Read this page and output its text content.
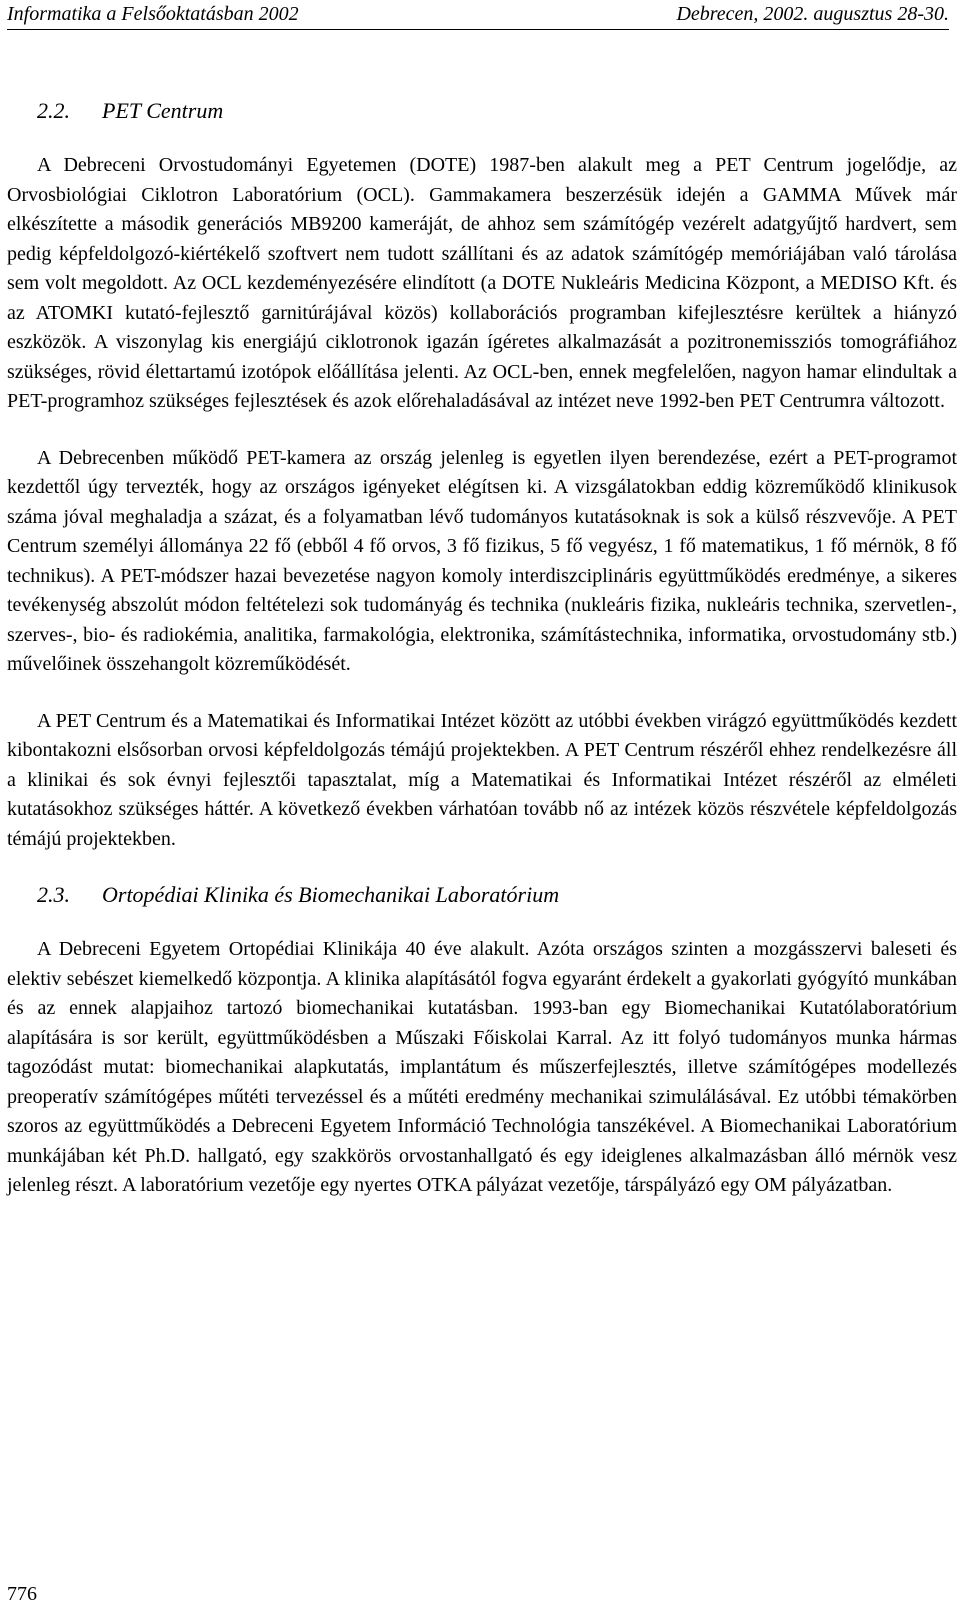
Informatika a Felsőoktatásban 2002	Debrecen, 2002. augusztus 28-30.
2.2.	PET Centrum

A Debreceni Orvostudományi Egyetemen (DOTE) 1987-ben alakult meg a PET Centrum jogelődje, az Orvosbiológiai Ciklotron Laboratórium (OCL). Gammakamera beszerzésük idején a GAMMA Művek már elkészítette a második generációs MB9200 kameráját, de ahhoz sem számítógép vezérelt adatgyűjtő hardvert, sem pedig képfeldolgozó-kiértékelő szoftvert nem tudott szállítani és az adatok számítógép memóriájában való tárolása sem volt megoldott. Az OCL kezdeményezésére elindított (a DOTE Nukleáris Medicina Központ, a MEDISO Kft. és az ATOMKI kutató-fejlesztő garnitúrájával közös) kollaborációs programban kifejlesztésre kerültek a hiányzó eszközök. A viszonylag kis energiájú ciklotronok igazán ígéretes alkalmazását a pozitronemissziós tomográfiához szükséges, rövid élettartamú izotópok előállítása jelenti. Az OCL-ben, ennek megfelelően, nagyon hamar elindultak a PET-programhoz szükséges fejlesztések és azok előrehaladásával az intézet neve 1992-ben PET Centrumra változott.

A Debrecenben működő PET-kamera az ország jelenleg is egyetlen ilyen berendezése, ezért a PET-programot kezdettől úgy tervezték, hogy az országos igényeket elégítsen ki. A vizsgálatokban eddig közreműködő klinikusok száma jóval meghaladja a százat, és a folyamatban lévő tudományos kutatásoknak is sok a külső részvevője. A PET Centrum személyi állománya 22 fő (ebből 4 fő orvos, 3 fő fizikus, 5 fő vegyész, 1 fő matematikus, 1 fő mérnök, 8 fő technikus). A PET-módszer hazai bevezetése nagyon komoly interdiszciplináris együttműködés eredménye, a sikeres tevékenység abszolút módon feltételezi sok tudományág és technika (nukleáris fizika, nukleáris technika, szervetlen-, szerves-, bio- és radiokémia, analitika, farmakológia, elektronika, számítástechnika, informatika, orvostudomány stb.) művelőinek összehangolt közreműködését.

A PET Centrum és a Matematikai és Informatikai Intézet között az utóbbi években virágzó együttműködés kezdett kibontakozni elsősorban orvosi képfeldolgozás témájú projektekben. A PET Centrum részéről ehhez rendelkezésre áll a klinikai és sok évnyi fejlesztői tapasztalat, míg a Matematikai és Informatikai Intézet részéről az elméleti kutatásokhoz szükséges háttér. A következő években várhatóan tovább nő az intézek közös részvétele képfeldolgozás témájú projektekben.

2.3.	Ortopédiai Klinika és Biomechanikai Laboratórium

A Debreceni Egyetem Ortopédiai Klinikája 40 éve alakult. Azóta országos szinten a mozgásszervi baleseti és elektiv sebészet kiemelkedő központja. A klinika alapításától fogva egyaránt érdekelt a gyakorlati gyógyító munkában és az ennek alapjaihoz tartozó biomechanikai kutatásban. 1993-ban egy Biomechanikai Kutatólaboratórium alapítására is sor került, együttműködésben a Műszaki Főiskolai Karral. Az itt folyó tudományos munka hármas tagozódást mutat: biomechanikai alapkutatás, implantátum és műszerfejlesztés, illetve számítógépes modellezés preoperatív számítógépes műtéti tervezéssel és a műtéti eredmény mechanikai szimulálásával. Ez utóbbi témakörben szoros az együttműködés a Debreceni Egyetem Információ Technológia tanszékével. A Biomechanikai Laboratórium munkájában két Ph.D. hallgató, egy szakkörös orvostanhallgató és egy ideiglenes alkalmazásban álló mérnök vesz jelenleg részt. A laboratórium vezetője egy nyertes OTKA pályázat vezetője, társpályázó egy OM pályázatban.

776
